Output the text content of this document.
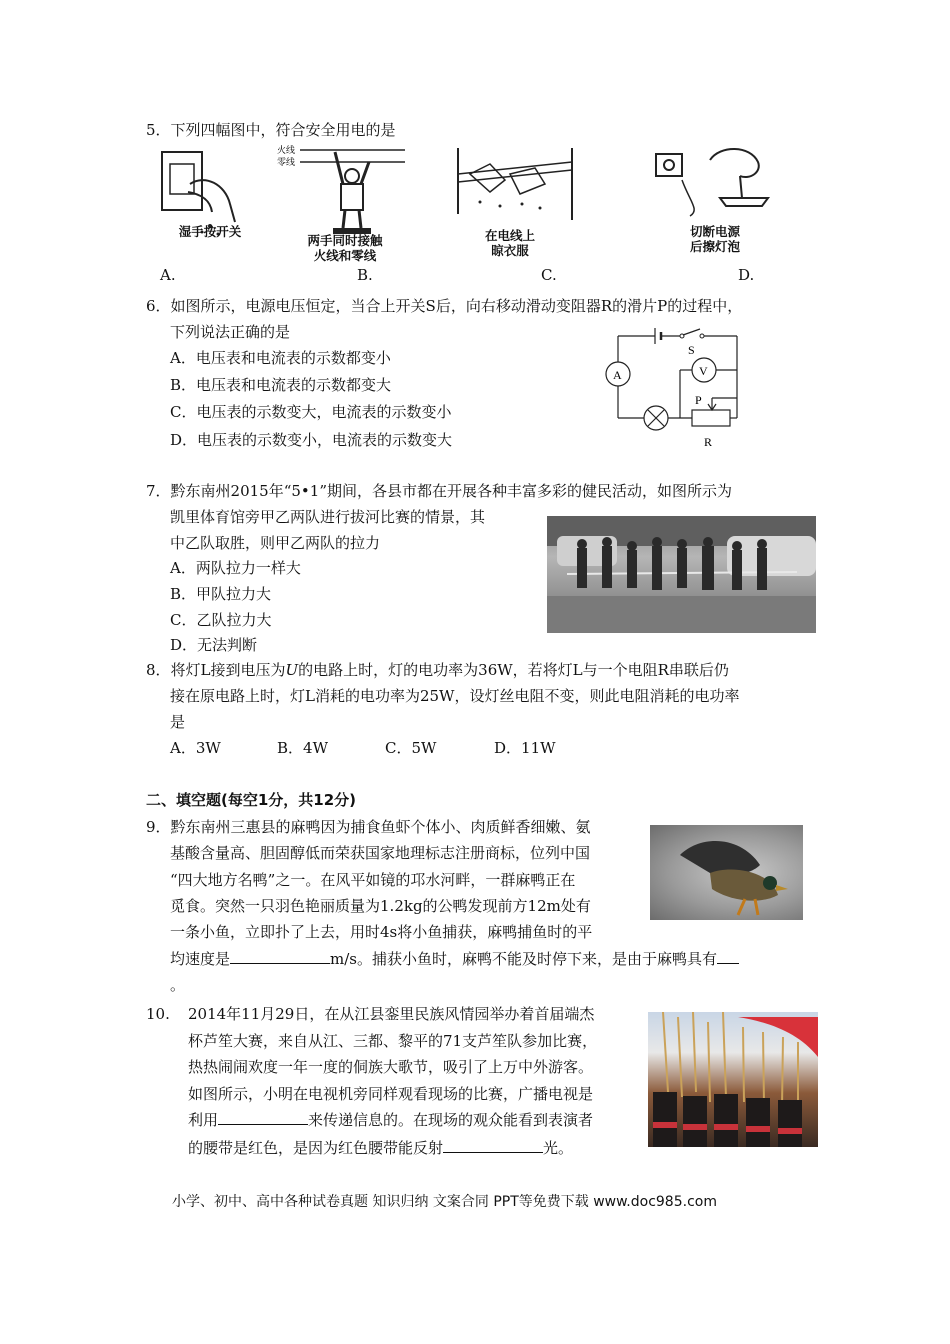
5．下列四幅图中，符合安全用电的是
湿手按开关
A.
火线
零线
两手同时接触
火线和零线
B.
在电线上
晾衣服
C.
切断电源
后擦灯泡
D.
6．如图所示，电源电压恒定，当合上开关S后，向右移动滑动变阻器R的滑片P的过程中，
下列说法正确的是
A．电压表和电流表的示数都变小
B．电压表和电流表的示数都变大
C．电压表的示数变大，电流表的示数变小
D．电压表的示数变小，电流表的示数变大
S
A
R
P
V
7．黔东南州2015年“5•1”期间，各县市都在开展各种丰富多彩的健民活动，如图所示为
凯里体育馆旁甲乙两队进行拔河比赛的情景，其
中乙队取胜，则甲乙两队的拉力
A．两队拉力一样大
B．甲队拉力大
C．乙队拉力大
D．无法判断
8．将灯L接到电压为U的电路上时，灯的电功率为36W，若将灯L与一个电阻R串联后仍
接在原电路上时，灯L消耗的电功率为25W，设灯丝电阻不变，则此电阻消耗的电功率
是
A．3W	B．4W	C．5W	D．11W
二、填空题(每空1分，共12分)
9．黔东南州三惠县的麻鸭因为捕食鱼虾个体小、肉质鲜香细嫩、氨
基酸含量高、胆固醇低而荣获国家地理标志注册商标，位列中国
“四大地方名鸭”之一。在风平如镜的邛水河畔，一群麻鸭正在
觅食。突然一只羽色艳丽质量为1.2kg的公鸭发现前方12m处有
一条小鱼，立即扑了上去，用时4s将小鱼捕获，麻鸭捕鱼时的平
均速度是	m/s。捕获小鱼时，麻鸭不能及时停下来，是由于麻鸭具有
。
10. 2014年11月29日，在从江县銮里民族风情园举办着首届端杰
杯芦笙大赛，来自从江、三都、黎平的71支芦笙队参加比赛，
热热闹闹欢度一年一度的侗族大歌节，吸引了上万中外游客。
如图所示，小明在电视机旁同样观看现场的比赛，广播电视是
利用	来传递信息的。在现场的观众能看到表演者
的腰带是红色，是因为红色腰带能反射	光。
小学、初中、高中各种试卷真题 知识归纳 文案合同 PPT等免费下载 www.doc985.com
